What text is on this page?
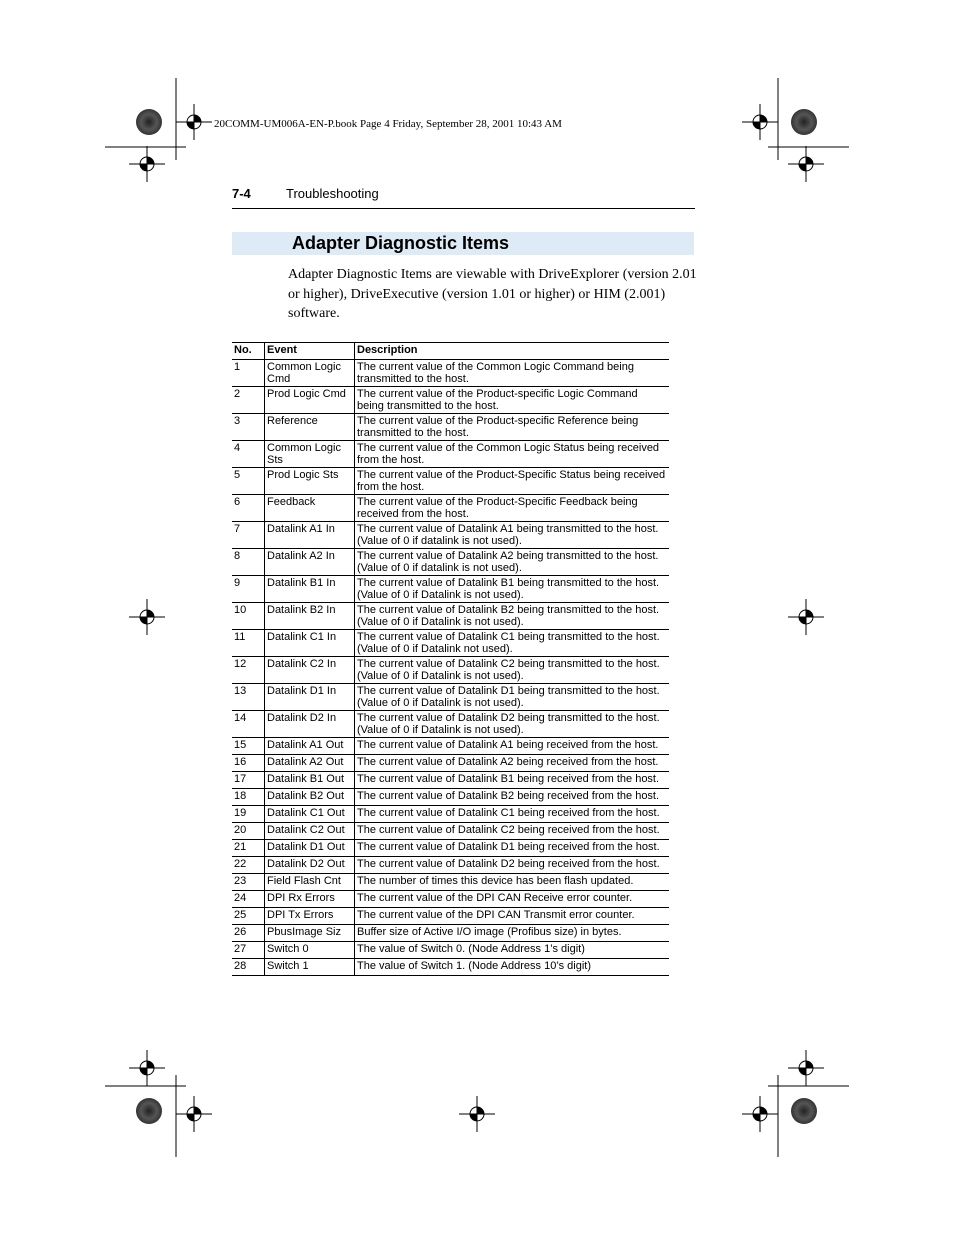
20COMM-UM006A-EN-P.book Page 4 Friday, September 28, 2001 10:43 AM
7-4	Troubleshooting
Adapter Diagnostic Items

Adapter Diagnostic Items are viewable with DriveExplorer (version 2.01 or higher), DriveExecutive (version 1.01 or higher) or HIM (2.001) software.

No.	Event	Description
1	Common Logic Cmd	The current value of the Common Logic Command being transmitted to the host.
2	Prod Logic Cmd	The current value of the Product-specific Logic Command being transmitted to the host.
3	Reference	The current value of the Product-specific Reference being transmitted to the host.
4	Common Logic Sts	The current value of the Common Logic Status being received from the host.
5	Prod Logic Sts	The current value of the Product-Specific Status being received from the host.
6	Feedback	The current value of the Product-Specific Feedback being received from the host.
7	Datalink A1 In	The current value of Datalink A1 being transmitted to the host. (Value of 0 if datalink is not used).
8	Datalink A2 In	The current value of Datalink A2 being transmitted to the host. (Value of 0 if datalink is not used).
9	Datalink B1 In	The current value of Datalink B1 being transmitted to the host. (Value of 0 if Datalink is not used).
10	Datalink B2 In	The current value of Datalink B2 being transmitted to the host. (Value of 0 if Datalink is not used).
11	Datalink C1 In	The current value of Datalink C1 being transmitted to the host. (Value of 0 if Datalink not used).
12	Datalink C2 In	The current value of Datalink C2 being transmitted to the host. (Value of 0 if Datalink is not used).
13	Datalink D1 In	The current value of Datalink D1 being transmitted to the host. (Value of 0 if Datalink is not used).
14	Datalink D2 In	The current value of Datalink D2 being transmitted to the host. (Value of 0 if Datalink is not used).
15	Datalink A1 Out	The current value of Datalink A1 being received from the host.
16	Datalink A2 Out	The current value of Datalink A2 being received from the host.
17	Datalink B1 Out	The current value of Datalink B1 being received from the host.
18	Datalink B2 Out	The current value of Datalink B2 being received from the host.
19	Datalink C1 Out	The current value of Datalink C1 being received from the host.
20	Datalink C2 Out	The current value of Datalink C2 being received from the host.
21	Datalink D1 Out	The current value of Datalink D1 being received from the host.
22	Datalink D2 Out	The current value of Datalink D2 being received from the host.
23	Field Flash Cnt	The number of times this device has been flash updated.
24	DPI Rx Errors	The current value of the DPI CAN Receive error counter.
25	DPI Tx Errors	The current value of the DPI CAN Transmit error counter.
26	PbusImage Siz	Buffer size of Active I/O image (Profibus size) in bytes.
27	Switch 0	The value of Switch 0. (Node Address 1’s digit)
28	Switch 1	The value of Switch 1. (Node Address 10’s digit)
